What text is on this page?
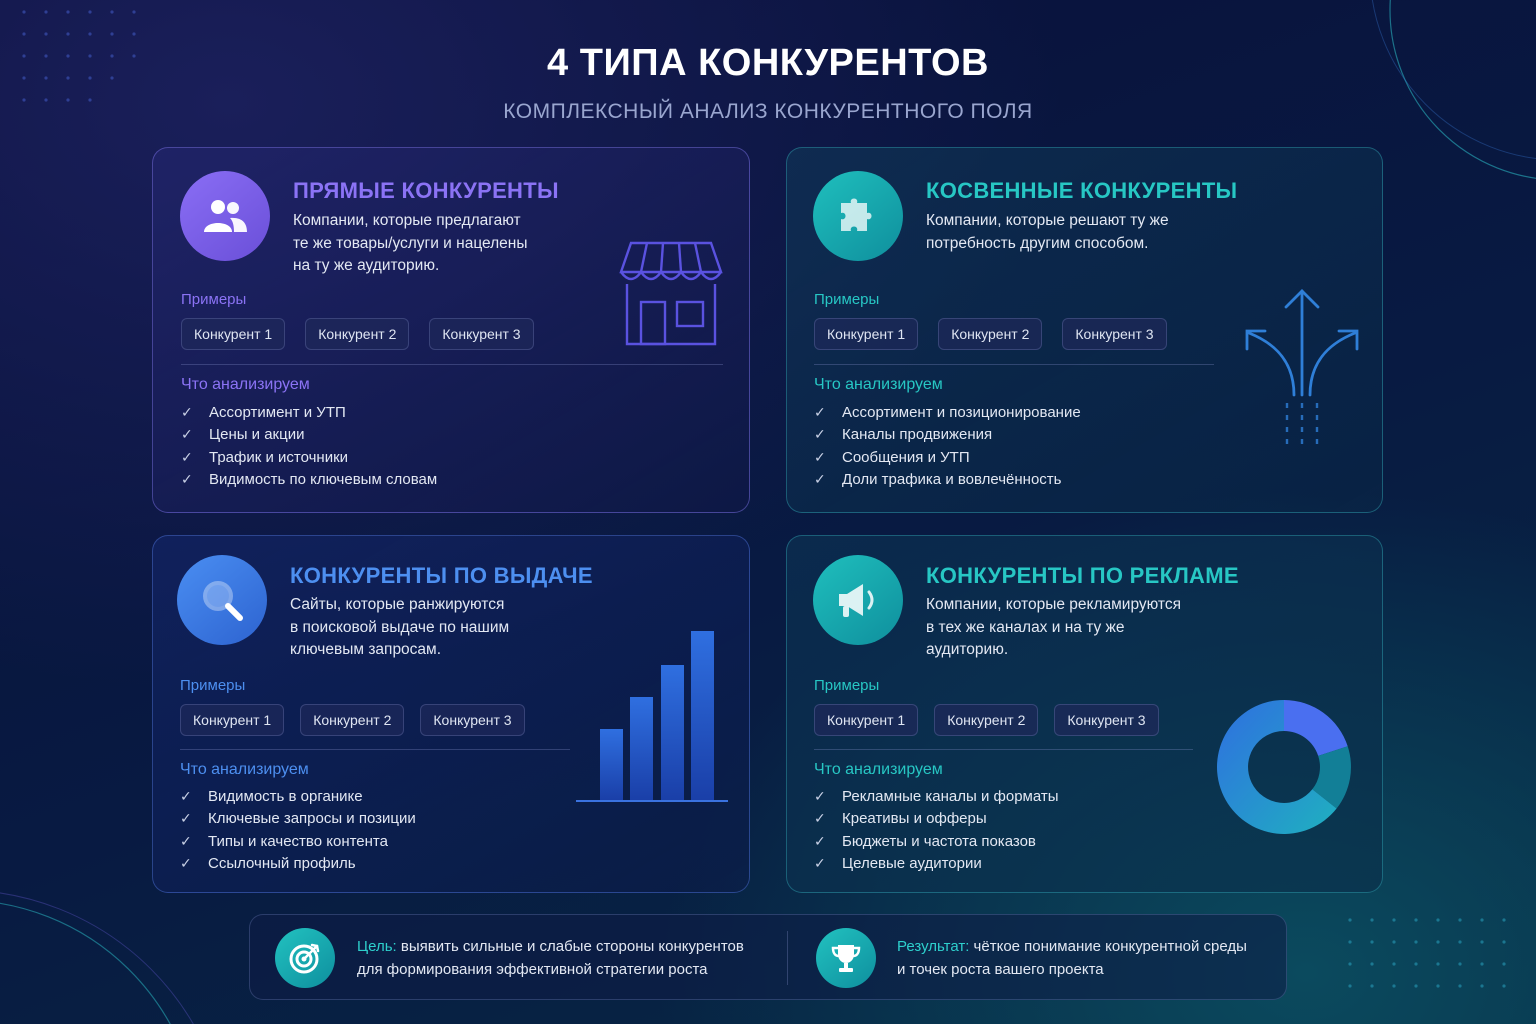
4 ТИПА КОНКУРЕНТОВ
КОМПЛЕКСНЫЙ АНАЛИЗ КОНКУРЕНТНОГО ПОЛЯ
ПРЯМЫЕ КОНКУРЕНТЫ
Компании, которые предлагают
те же товары/услуги и нацелены
на ту же аудиторию.
Примеры
Конкурент 1	Конкурент 2	Конкурент 3
Что анализируем
✓	Ассортимент и УТП
✓	Цены и акции
✓	Трафик и источники
✓	Видимость по ключевым словам
КОСВЕННЫЕ КОНКУРЕНТЫ
Компании, которые решают ту же
потребность другим способом.
Примеры
Конкурент 1	Конкурент 2	Конкурент 3
Что анализируем
✓	Ассортимент и позиционирование
✓	Каналы продвижения
✓	Сообщения и УТП
✓	Доли трафика и вовлечённость
КОНКУРЕНТЫ ПО ВЫДАЧЕ
Сайты, которые ранжируются
в поисковой выдаче по нашим
ключевым запросам.
Примеры
Конкурент 1	Конкурент 2	Конкурент 3
Что анализируем
✓	Видимость в органике
✓	Ключевые запросы и позиции
✓	Типы и качество контента
✓	Ссылочный профиль
КОНКУРЕНТЫ ПО РЕКЛАМЕ
Компании, которые рекламируются
в тех же каналах и на ту же
аудиторию.
Примеры
Конкурент 1	Конкурент 2	Конкурент 3
Что анализируем
✓	Рекламные каналы и форматы
✓	Креативы и офферы
✓	Бюджеты и частота показов
✓	Целевые аудитории
Цель: выявить сильные и слабые стороны конкурентов
для формирования эффективной стратегии роста
Результат: чёткое понимание конкурентной среды
и точек роста вашего проекта
